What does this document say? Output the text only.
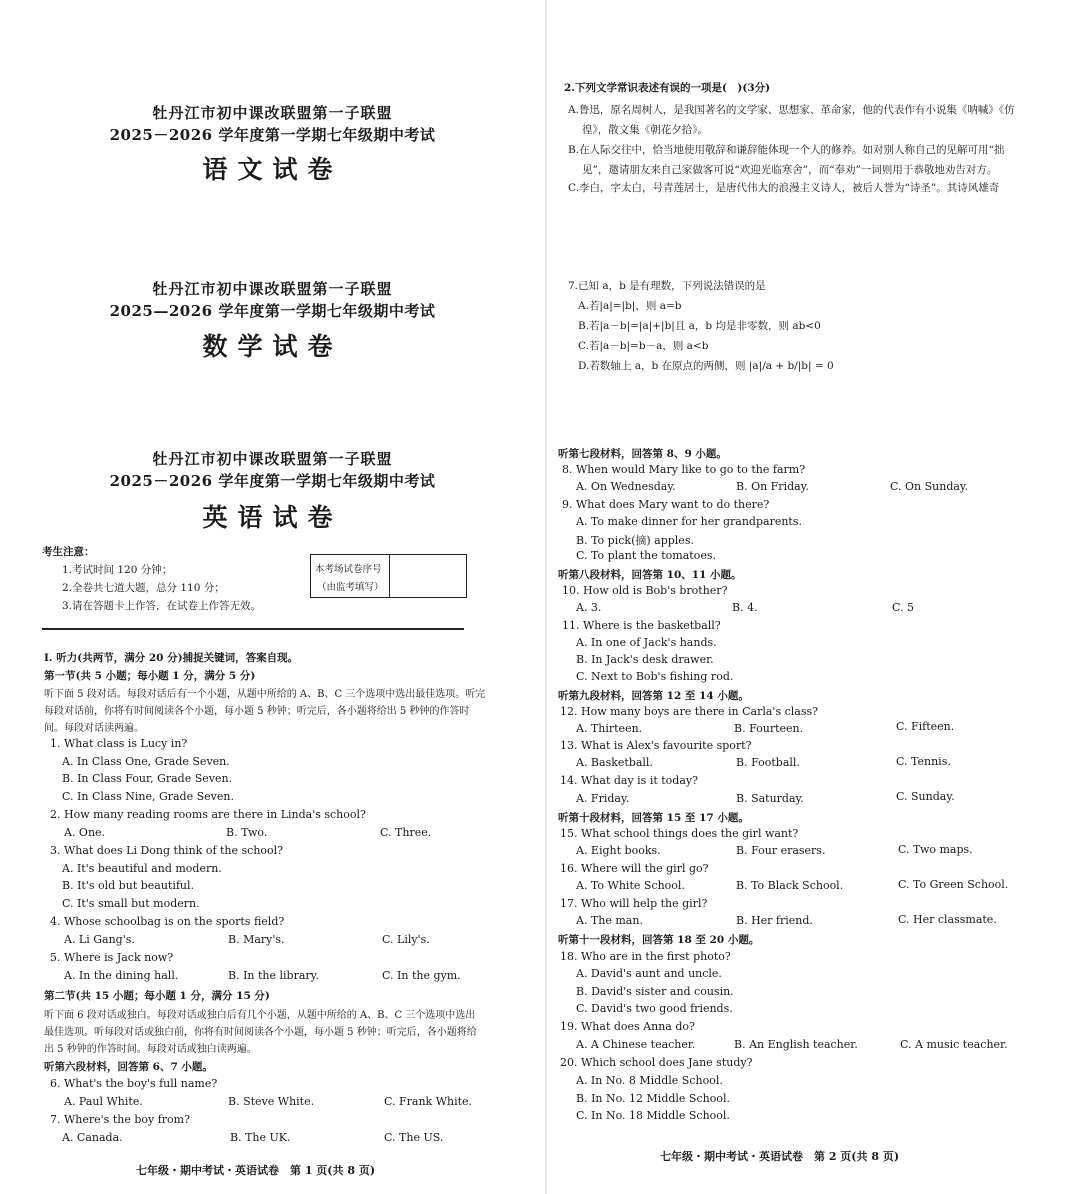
牡丹江市初中课改联盟第一子联盟
2025－2026 学年度第一学期七年级期中考试
语文试卷
2.下列文学常识表述有误的一项是(　)(3分)
A.鲁迅，原名周树人，是我国著名的文学家、思想家、革命家，他的代表作有小说集《呐喊》《仿
徨》，散文集《朝花夕拾》。
B.在人际交往中，恰当地使用敬辞和谦辞能体现一个人的修养。如对别人称自己的见解可用“拙
见”，邀请朋友来自己家做客可说“欢迎光临寒舍”，而“奉劝”一词则用于恭敬地劝告对方。
C.李白，字太白，号青莲居士，是唐代伟大的浪漫主义诗人，被后人誉为“诗圣”。其诗风雄奇
牡丹江市初中课改联盟第一子联盟
2025—2026 学年度第一学期七年级期中考试
数学试卷
7.已知 a，b 是有理数，下列说法错误的是
A.若|a|=|b|，则 a=b
B.若|a－b|=|a|+|b|且 a，b 均是非零数，则 ab<0
C.若|a－b|=b－a，则 a<b
D.若数轴上 a，b 在原点的两侧，则 |a|/a + b/|b| = 0
牡丹江市初中课改联盟第一子联盟
2025－2026 学年度第一学期七年级期中考试
英语试卷
考生注意：
1.考试时间 120 分钟；
2.全卷共七道大题，总分 110 分；
3.请在答题卡上作答，在试卷上作答无效。
本考场试卷序号
（由监考填写）
I. 听力(共两节，满分 20 分)捕捉关键词，答案自现。
第一节(共 5 小题；每小题 1 分，满分 5 分)
听下面 5 段对话。每段对话后有一个小题，从题中所给的 A、B、C 三个选项中选出最佳选项。听完
每段对话前，你将有时间阅读各个小题，每小题 5 秒钟；听完后，各小题将给出 5 秒钟的作答时
间。每段对话读两遍。
1. What class is Lucy in?
A. In Class One, Grade Seven.
B. In Class Four, Grade Seven.
C. In Class Nine, Grade Seven.
2. How many reading rooms are there in Linda's school?
A. One.	B. Two.	C. Three.
3. What does Li Dong think of the school?
A. It's beautiful and modern.
B. It's old but beautiful.
C. It's small but modern.
4. Whose schoolbag is on the sports field?
A. Li Gang's.	B. Mary's.	C. Lily's.
5. Where is Jack now?
A. In the dining hall.	B. In the library.	C. In the gym.
第二节(共 15 小题；每小题 1 分，满分 15 分)
听下面 6 段对话或独白。每段对话或独白后有几个小题，从题中所给的 A、B、C 三个选项中选出
最佳选项。听每段对话或独白前，你将有时间阅读各个小题，每小题 5 秒钟；听完后，各小题将给
出 5 秒钟的作答时间。每段对话或独白读两遍。
听第六段材料，回答第 6、7 小题。
6. What's the boy's full name?
A. Paul White.	B. Steve White.	C. Frank White.
7. Where's the boy from?
A. Canada.	B. The UK.	C. The US.
七年级・期中考试・英语试卷　第 1 页(共 8 页)
听第七段材料，回答第 8、9 小题。
8. When would Mary like to go to the farm?
A. On Wednesday.	B. On Friday.	C. On Sunday.
9. What does Mary want to do there?
A. To make dinner for her grandparents.
B. To pick(摘) apples.
C. To plant the tomatoes.
听第八段材料，回答第 10、11 小题。
10. How old is Bob's brother?
A. 3.	B. 4.	C. 5
11. Where is the basketball?
A. In one of Jack's hands.
B. In Jack's desk drawer.
C. Next to Bob's fishing rod.
听第九段材料，回答第 12 至 14 小题。
12. How many boys are there in Carla's class?
A. Thirteen.	B. Fourteen.	C. Fifteen.
13. What is Alex's favourite sport?
A. Basketball.	B. Football.	C. Tennis.
14. What day is it today?
A. Friday.	B. Saturday.	C. Sunday.
听第十段材料，回答第 15 至 17 小题。
15. What school things does the girl want?
A. Eight books.	B. Four erasers.	C. Two maps.
16. Where will the girl go?
A. To White School.	B. To Black School.	C. To Green School.
17. Who will help the girl?
A. The man.	B. Her friend.	C. Her classmate.
听第十一段材料，回答第 18 至 20 小题。
18. Who are in the first photo?
A. David's aunt and uncle.
B. David's sister and cousin.
C. David's two good friends.
19. What does Anna do?
A. A Chinese teacher.	B. An English teacher.	C. A music teacher.
20. Which school does Jane study?
A. In No. 8 Middle School.
B. In No. 12 Middle School.
C. In No. 18 Middle School.
七年级・期中考试・英语试卷　第 2 页(共 8 页)
